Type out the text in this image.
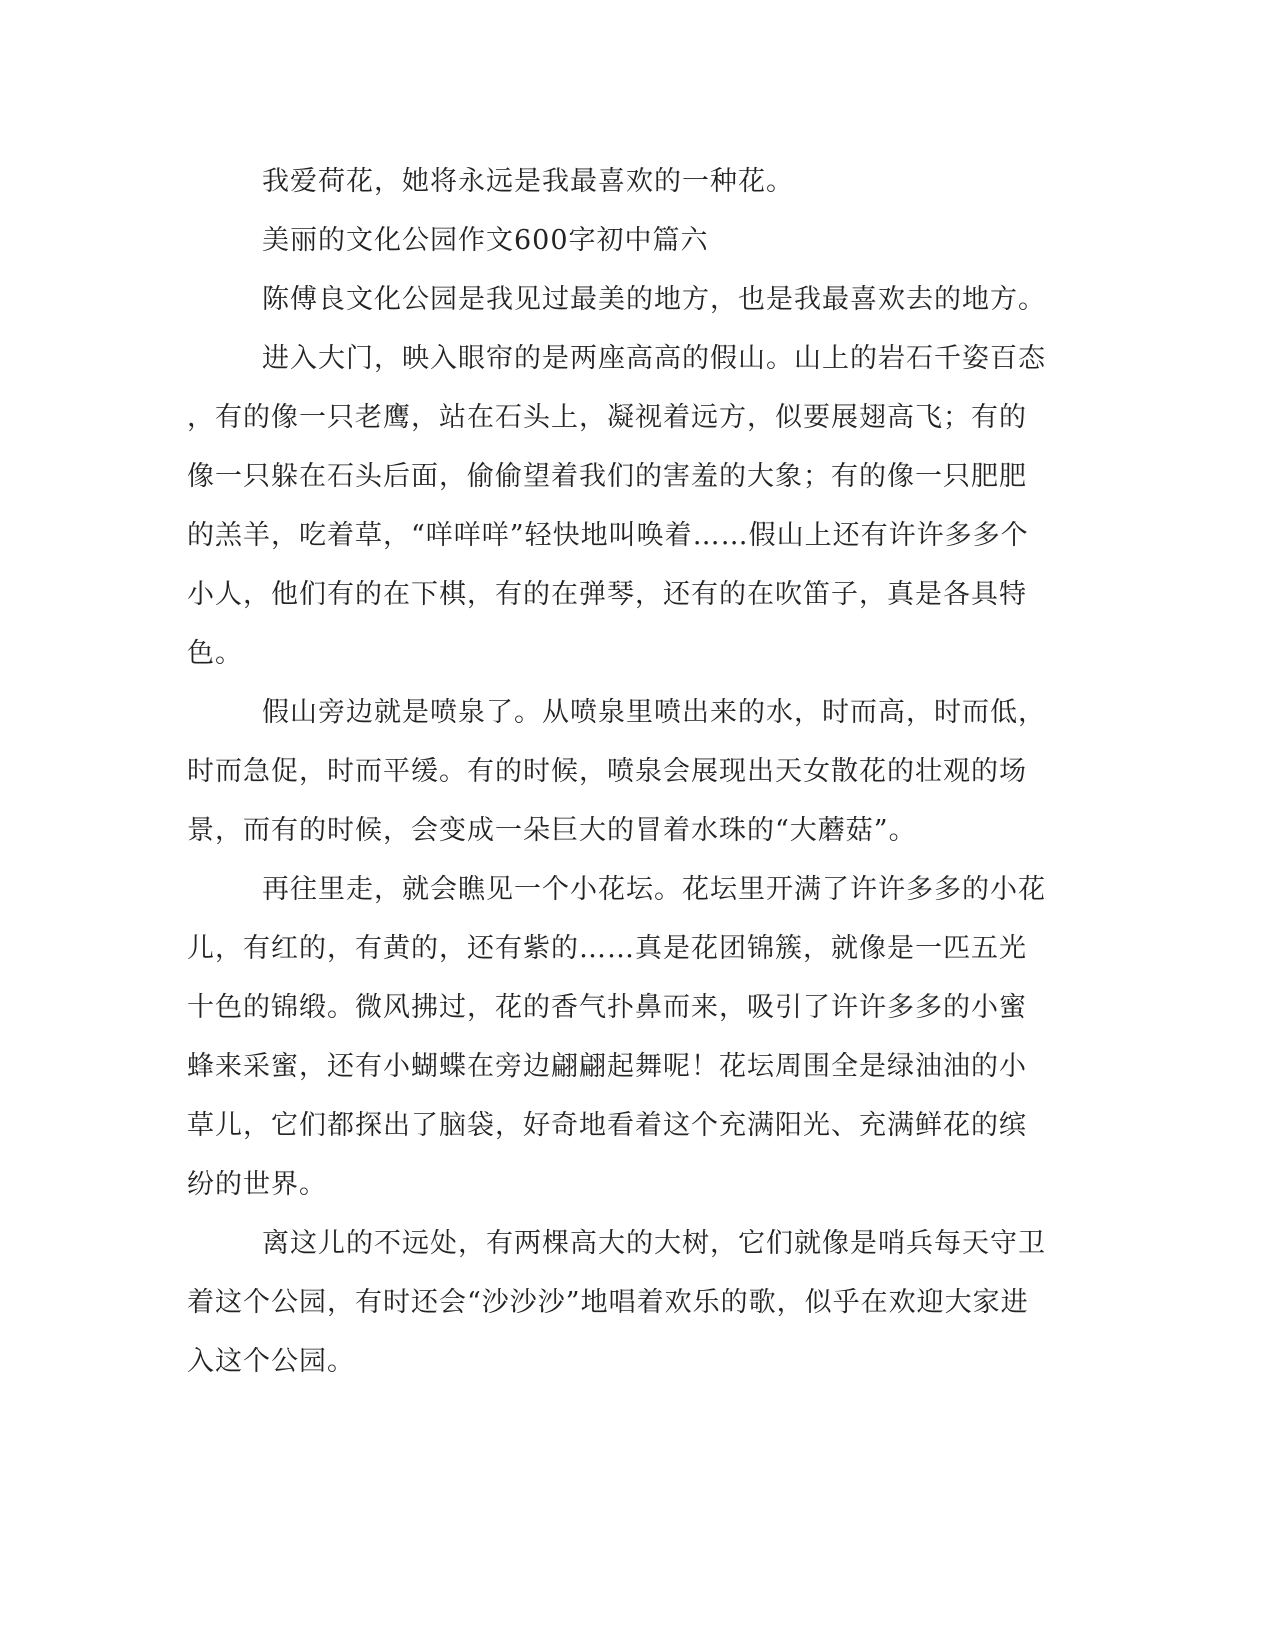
我爱荷花，她将永远是我最喜欢的一种花。
美丽的文化公园作文600字初中篇六
陈傅良文化公园是我见过最美的地方，也是我最喜欢去的地方。
进入大门，映入眼帘的是两座高高的假山。山上的岩石千姿百态
，有的像一只老鹰，站在石头上，凝视着远方，似要展翅高飞；有的
像一只躲在石头后面，偷偷望着我们的害羞的大象；有的像一只肥肥
的羔羊，吃着草，“咩咩咩”轻快地叫唤着……假山上还有许许多多个
小人，他们有的在下棋，有的在弹琴，还有的在吹笛子，真是各具特
色。
假山旁边就是喷泉了。从喷泉里喷出来的水，时而高，时而低，
时而急促，时而平缓。有的时候，喷泉会展现出天女散花的壮观的场
景，而有的时候，会变成一朵巨大的冒着水珠的“大蘑菇”。
再往里走，就会瞧见一个小花坛。花坛里开满了许许多多的小花
儿，有红的，有黄的，还有紫的……真是花团锦簇，就像是一匹五光
十色的锦缎。微风拂过，花的香气扑鼻而来，吸引了许许多多的小蜜
蜂来采蜜，还有小蝴蝶在旁边翩翩起舞呢！花坛周围全是绿油油的小
草儿，它们都探出了脑袋，好奇地看着这个充满阳光、充满鲜花的缤
纷的世界。
离这儿的不远处，有两棵高大的大树，它们就像是哨兵每天守卫
着这个公园，有时还会“沙沙沙”地唱着欢乐的歌，似乎在欢迎大家进
入这个公园。
